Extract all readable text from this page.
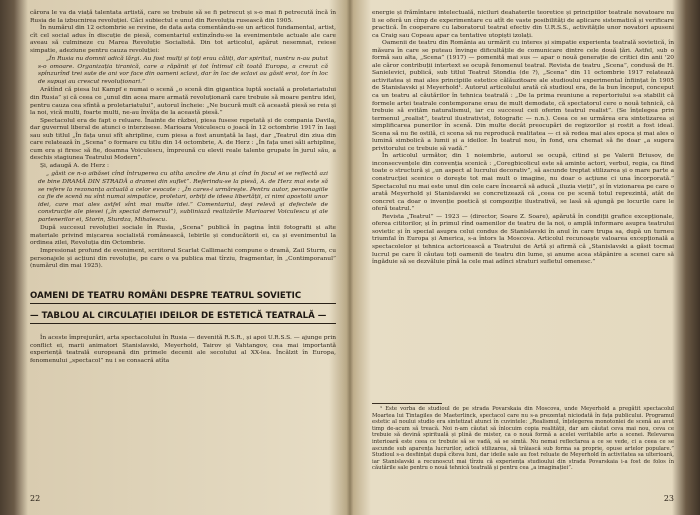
cărora le va da viață talentata artistă, care se trebuie să se fi petrecut și s-o mai fi petrecută încă în Rusia de la izbucnirea revoluției. Căci subiectul e unul din Revoluția rusească din 1905.

În numărul din 12 octombrie se revine, de data asta comentându-se un articol fundamental, artist, cît cel social adus în discuție de piesă, comentariul extinzîndu-se la evenimentele actuale ale care aveau să culmineze cu Marea Revoluție Socialistă. Din tot articolul, apărut nesemnat, reiese simpatie, adeziune pentru cauza revoluției:

„În Rusia nu domnii adică lărgi. Au fost mulți și toți erau căliți, dar spiritul, nuntru n-au putut s-o omoare. Organizația tiranică, care a răpănit și tot întimul cît toată Europa, a crezut că spînzurînd trei sute de ani vor face din oameni sclavi, dar în loc de sclavi au găsit eroi, tor în loc de supuși au crescut revoluționari.”

Arătînd că piesa lui Kampf e numai o scenă „o scenă din gigantica luptă socială a proletariatului din Rusia” și că ceea ce „unul din acea mare armată revoluționară care trebuie să moare pentru idei, pentru cauza cea sfîntă a proletariatului”, autorul încheie: „Ne bucură mult că această piesă se reia și la noi, vică multi, foarte multi, ne-au învăța de la această piesă.”

Spectacolul era de fapt o reluare. Înainte de război, piesa fusese repetată și de compania Davila, dar guvernul liberal de atunci o interzisese. Marioara Voiculescu o joacă în 12 octombrie 1917 în Iași sau sub titlul „În fața unui sfît ahripline, cum piesa a fost anunțată la Iași, dar „Teatrul din ziua din care relatează în „Scena” o formare cu titlu din 14 octombrie, A. de Herz : „În fața unei săli arhipline, cum era și firesc să fie, doamna Voiculescu, împreună cu elevii reale talente grupate în jurul său, a deschis stagiunea Teatrului Modern”.

Și, adaugă A. de Herz :

„ găsit ce n-o aibăsei cînd întruperea cu atîta ancăre de Anu și cînd în focul ei se reflectă azi de bine DRAMĂ DIN STRADĂ a dramei din suflet”. Referindu-se la piesă, A. de Herz mai este să se refere la rezonanța actuală a celor evocate : „În cares-i urmăreşte. Pentru autor, personagiile ca fie de scenă nu sînt numai simpatice, proletari, orbiți de ideea libertății, ci nimi apostolii unor idei, care mai ales astfel sînt mai multe idei.” Comentariul, deși relevă și defectele de construcție ale piesei („în special demersul”), subliniază realizările Marioarei Voiculescu și ale partenerilor ei, Storin, Sturdza, Mihalescu.

După succesul revoluției sociale în Rusia, „Scena” publică în pagina întii fotografii și alte materiale privind mișcarea socialistă românească, lebirile și conducătorii ei, ca și evenimentul la ordinea zilei, Revoluția din Octombrie.

Impresionat profund de eveniment, scriitorul Scarlat Callimachi compune o dramă, Zail Sturm, cu personajele și acțiuni din revoluție, pe care o va publica mai tîrziu, fragmentar, în „Contimporanul” (numărul din mai 1925).

OAMENI DE TEATRU ROMÂNI DESPRE TEATRUL SOVIETIC
— TABLOU AL CIRCULAȚIEI IDEILOR DE ESTETICĂ TEATRALĂ —

În aceste împrejurări, arta spectacolului în Rusia — devenită R.S.R., și apoi U.R.S.S. — ajunge prin conflict ei, marii animatori Stanislavski, Meyerhold, Tairov și Vahtangov, cea mai importantă experiență teatrală europeană din primele decenii ale secolului al XX-lea. Încălzit în Europa, fenomenului „spectacol” nu i se consacră atîta

22

energie și frămîntare intelectuală, niciluri deahaterile teoretice și principiilor teatrale novatoare nu li se oferă un cîmp de experimentare cu atît de vaste posibilități de aplicare sistematică și verificare practică. În cooperare cu laboratorul teatral efectiv din U.R.S.S., activitățile unor novatori apuseni ca Craig sau Copeau apar ca tentative utopiști izolați.

Oamenii de teatru din România au urmărit cu interes și simpatie experienta teatrală sovietică, în măsura în care se puteau învinge dificultățile de comunicare dintre cele două țări. Astfel, sub o formă sau alta, „Scena” (1917) — pomenită mai sus — apar o nouă generație de critici din anii '20 ale căror contribuții intertext se ocupă fenomenul teatral. Revista de teatru „Scena”, condusă de H. Sanielevici, publică, sub titlul Teatrul Stondia (de ?), „Scena” din 11 octombrie 1917 relatează activitatea și mai ales principiile estetice călăuzitoare ale studioului experimental înființat în 1905 de Stanislavski și Meyerhold¹. Autorul articolului arată că studioul era, de la bun început, conceput ca un teatru al căutărilor în tehnica teatrală : „De la prima reuniune a repertoriului s-a stabilit că formele artei teatrale contemporane erau de mult demodate, că spectatorul cere o nouă tehnică, că trebuie să evităm naturalismul, iar cu succesul ceii oferim teatrul realist”. (Se înțelegea prin termenul „realist”, teatrul ilustrativist, fotografic — n.n.). Ceea ce se urmărea era sintetizarea și simplificarea punerilor în scenă. Din multe decât preocupări de regizorilor și rostit a fost ideal. Scena să nu fie ostilă, ci scena să nu reproducă realitatea — ci să redea mai ales epoca și mai ales o lumină simbolică a lumii și a ideilor. În teatrul nou, în fond, era chemat să fie doar „a sugera privitorului ce trebuie să vadă.”

În articolul următor, din 1 noiembrie, autorul se ocupă, citind și pe Valerii Briusov, de inconsecvențele din convenția scenică : „Coregbicolicul este să aminte actori, verbul, regia, ca fiind toate o structură și „un aspect al lucrului decorativ”, să ascunde treptat stilizarea și o mare parte a construcției scenice o dorește tot mai mult o imagine, nu doar o acțiune ci una încorporată.” Spectacolul nu mai este unul din cele care încearcă să aducă „iluzia vieții”, și în vizionarea pe care o arată Meyerhold și Stanislavski se concretizează că „ceea ce pe scenă totul reprezintă, atât de concret ca doar o invenție poetică și compoziție ilustrativă, se lasă să ajungă pe locurile care le oferă teatrul.”

Revista „Teatrul” — 1923 — (director, Soare Z. Soare), apărută în condiții grafice excepționale, oferea cititorilor, și în primul rînd oamenilor de teatru de la noi, o amplă informare asupra teatrului sovietic și în special asupra celui condus de Stanislavski în anul în care trupa sa, după un turneu triumfal în Europa și America, s-a întors la Moscova. Articolul recunoaște valoarea excepțională a spectacolelor și tehnica actoricească a Teatrului de Artă și afirmă că „Stanislavski a găsit tocmai lucrul pe care îl căutau toți oamenii de teatru din lume, și anume acea stăpânire a scenei care să îngăduie să se dezvăluie pînă la cele mai adînci straturi sufletul omenesc.”

¹ Este vorba de studioul de pe strada Povarskaia din Moscova, unde Meyerhold a pregătit spectacolul Moartea lui Tintagiles de Maeterlinck, spectacol care nu s-a prezentat niciodată în fața publicului. Programul estetic al noului studio era sintetizat atunci în cuvintele: „Realismul, înțelegerea monotoniei de scenă au avut timp de-acum să treacă. Noi n-am căutat să înlocuim copia realității, dar am căutat ceva mai nou, ceva ce trebuie să devină spirituală și plină de mister, ca o nouă formă a acelei veritabile arte a scenei. Relevarea interioară este ceea ce trebuie să se vadă, să se simtă. Nu nemai reflectarea a ce se vede, ci a ceea ce se ascunde sub aparența lucrurilor, adică stilizarea, să trăiască sub forma sa proprie, opuse artelor populare.” Studioul s-a desființat după cîteva luni, dar ideile sale au fost reluate de Meyerhold în activitatea sa ulterioară, iar Stanislavski a recunoscut mai tîrziu că experiența studioului din strada Povarskaia i-a fost de folos în căutările sale pentru o nouă tehnică teatrală și pentru cea „a imaginației”.

23
